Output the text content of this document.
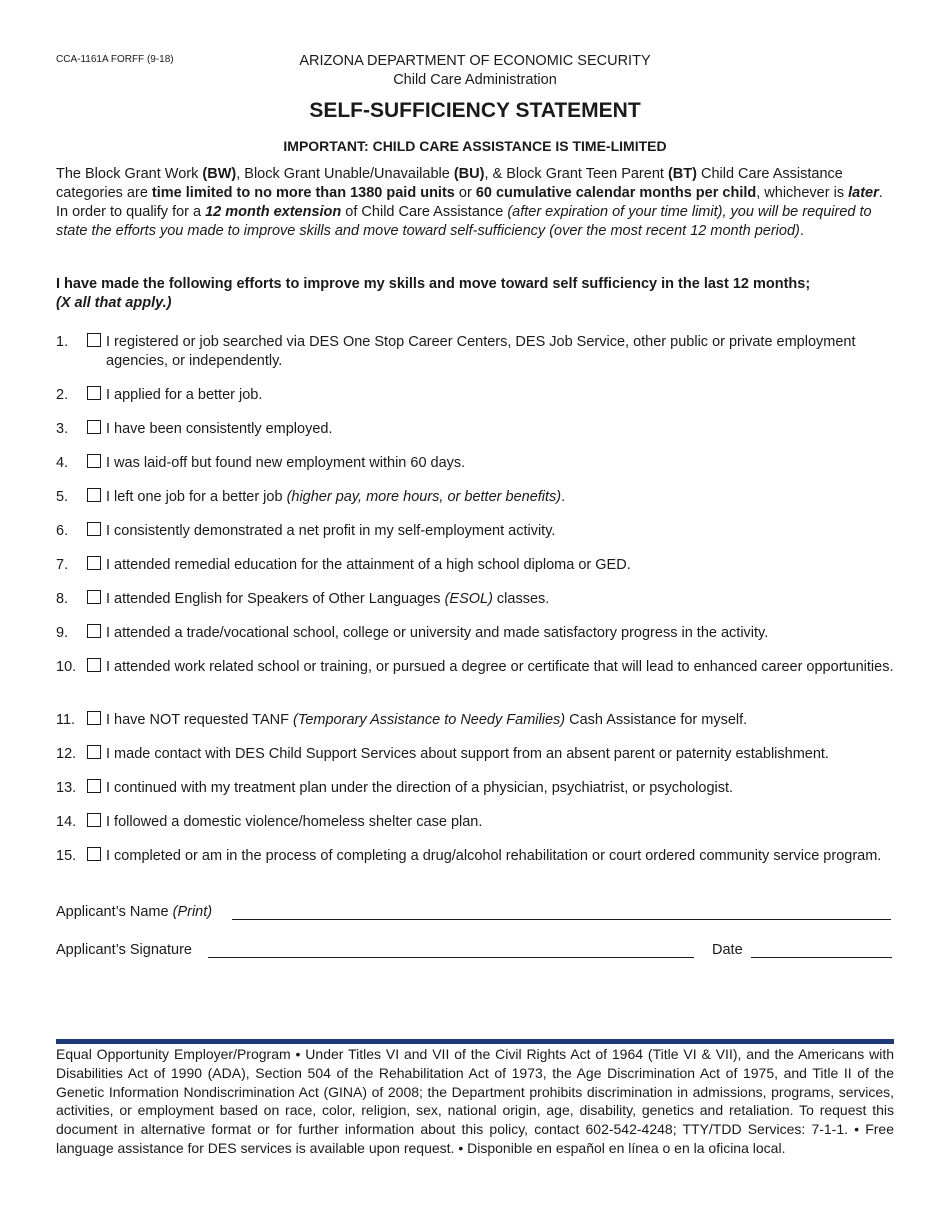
CCA-1161A FORFF (9-18)	ARIZONA DEPARTMENT OF ECONOMIC SECURITY
Child Care Administration
SELF-SUFFICIENCY STATEMENT
IMPORTANT: CHILD CARE ASSISTANCE IS TIME-LIMITED
The Block Grant Work (BW), Block Grant Unable/Unavailable (BU), & Block Grant Teen Parent (BT) Child Care Assistance categories are time limited to no more than 1380 paid units or 60 cumulative calendar months per child, whichever is later. In order to qualify for a 12 month extension of Child Care Assistance (after expiration of your time limit), you will be required to state the efforts you made to improve skills and move toward self-sufficiency (over the most recent 12 month period).
I have made the following efforts to improve my skills and move toward self sufficiency in the last 12 months;
(X all that apply.)
1.	I registered or job searched via DES One Stop Career Centers, DES Job Service, other public or private employment agencies, or independently.
2.	I applied for a better job.
3.	I have been consistently employed.
4.	I was laid-off but found new employment within 60 days.
5.	I left one job for a better job (higher pay, more hours, or better benefits).
6.	I consistently demonstrated a net profit in my self-employment activity.
7.	I attended remedial education for the attainment of a high school diploma or GED.
8.	I attended English for Speakers of Other Languages (ESOL) classes.
9.	I attended a trade/vocational school, college or university and made satisfactory progress in the activity.
10. I attended work related school or training, or pursued a degree or certificate that will lead to enhanced career opportunities.
11. I have NOT requested TANF (Temporary Assistance to Needy Families) Cash Assistance for myself.
12. I made contact with DES Child Support Services about support from an absent parent or paternity establishment.
13. I continued with my treatment plan under the direction of a physician, psychiatrist, or psychologist.
14. I followed a domestic violence/homeless shelter case plan.
15. I completed or am in the process of completing a drug/alcohol rehabilitation or court ordered community service program.
Applicant’s Name (Print)
Applicant’s Signature	Date
Equal Opportunity Employer/Program • Under Titles VI and VII of the Civil Rights Act of 1964 (Title VI & VII), and the Americans with Disabilities Act of 1990 (ADA), Section 504 of the Rehabilitation Act of 1973, the Age Discrimination Act of 1975, and Title II of the Genetic Information Nondiscrimination Act (GINA) of 2008; the Department prohibits discrimination in admissions, programs, services, activities, or employment based on race, color, religion, sex, national origin, age, disability, genetics and retaliation. To request this document in alternative format or for further information about this policy, contact 602-542-4248; TTY/TDD Services: 7-1-1. • Free language assistance for DES services is available upon request. • Disponible en español en línea o en la oficina local.
